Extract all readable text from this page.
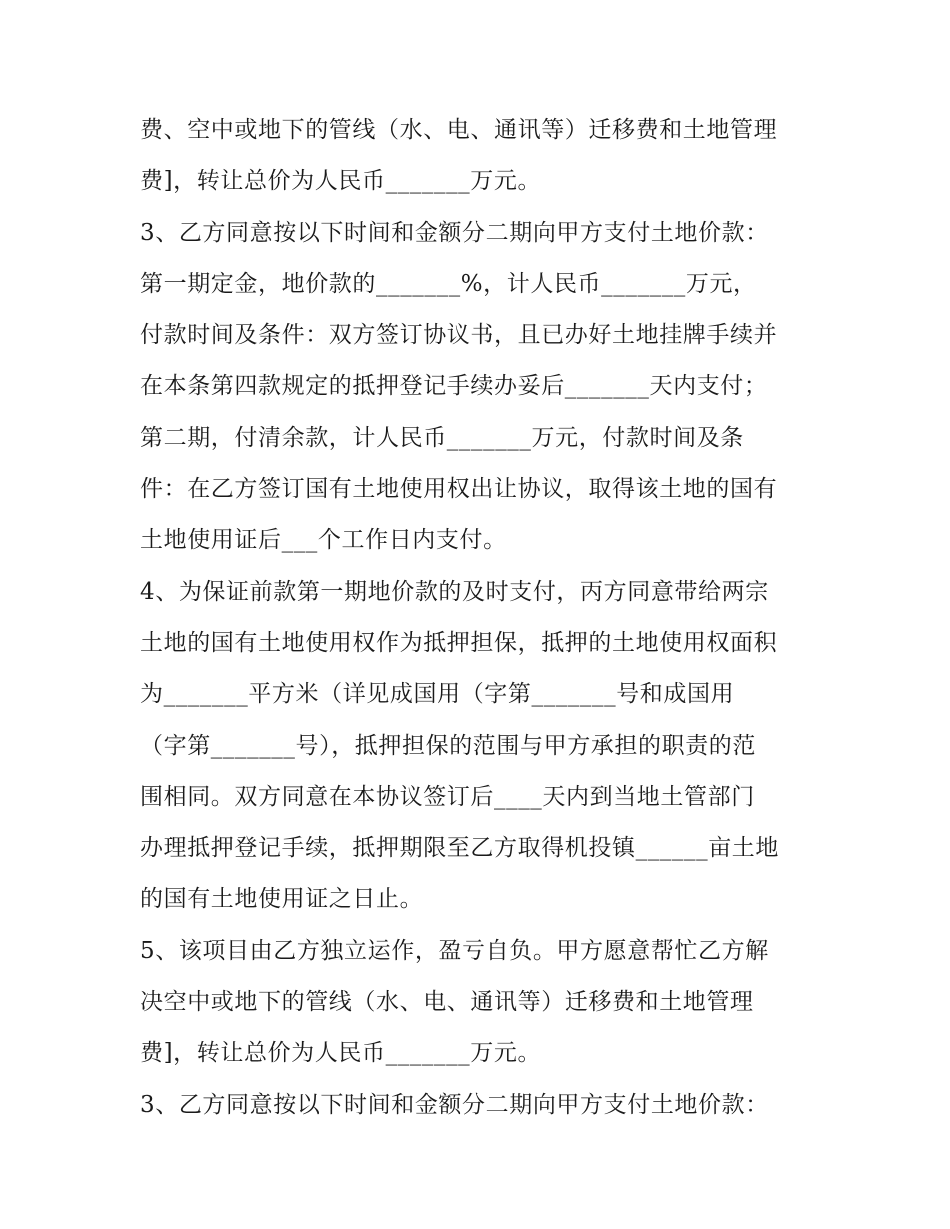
费、空中或地下的管线（水、电、通讯等）迁移费和土地管理
费]，转让总价为人民币_______万元。
3、乙方同意按以下时间和金额分二期向甲方支付土地价款：
第一期定金，地价款的_______%，计人民币_______万元，
付款时间及条件：双方签订协议书，且已办好土地挂牌手续并
在本条第四款规定的抵押登记手续办妥后_______天内支付；
第二期，付清余款，计人民币_______万元，付款时间及条
件：在乙方签订国有土地使用权出让协议，取得该土地的国有
土地使用证后___个工作日内支付。
4、为保证前款第一期地价款的及时支付，丙方同意带给两宗
土地的国有土地使用权作为抵押担保，抵押的土地使用权面积
为_______平方米（详见成国用（字第_______号和成国用
（字第_______号），抵押担保的范围与甲方承担的职责的范
围相同。双方同意在本协议签订后____天内到当地土管部门
办理抵押登记手续，抵押期限至乙方取得机投镇______亩土地
的国有土地使用证之日止。
5、该项目由乙方独立运作，盈亏自负。甲方愿意帮忙乙方解
决空中或地下的管线（水、电、通讯等）迁移费和土地管理
费]，转让总价为人民币_______万元。
3、乙方同意按以下时间和金额分二期向甲方支付土地价款：
